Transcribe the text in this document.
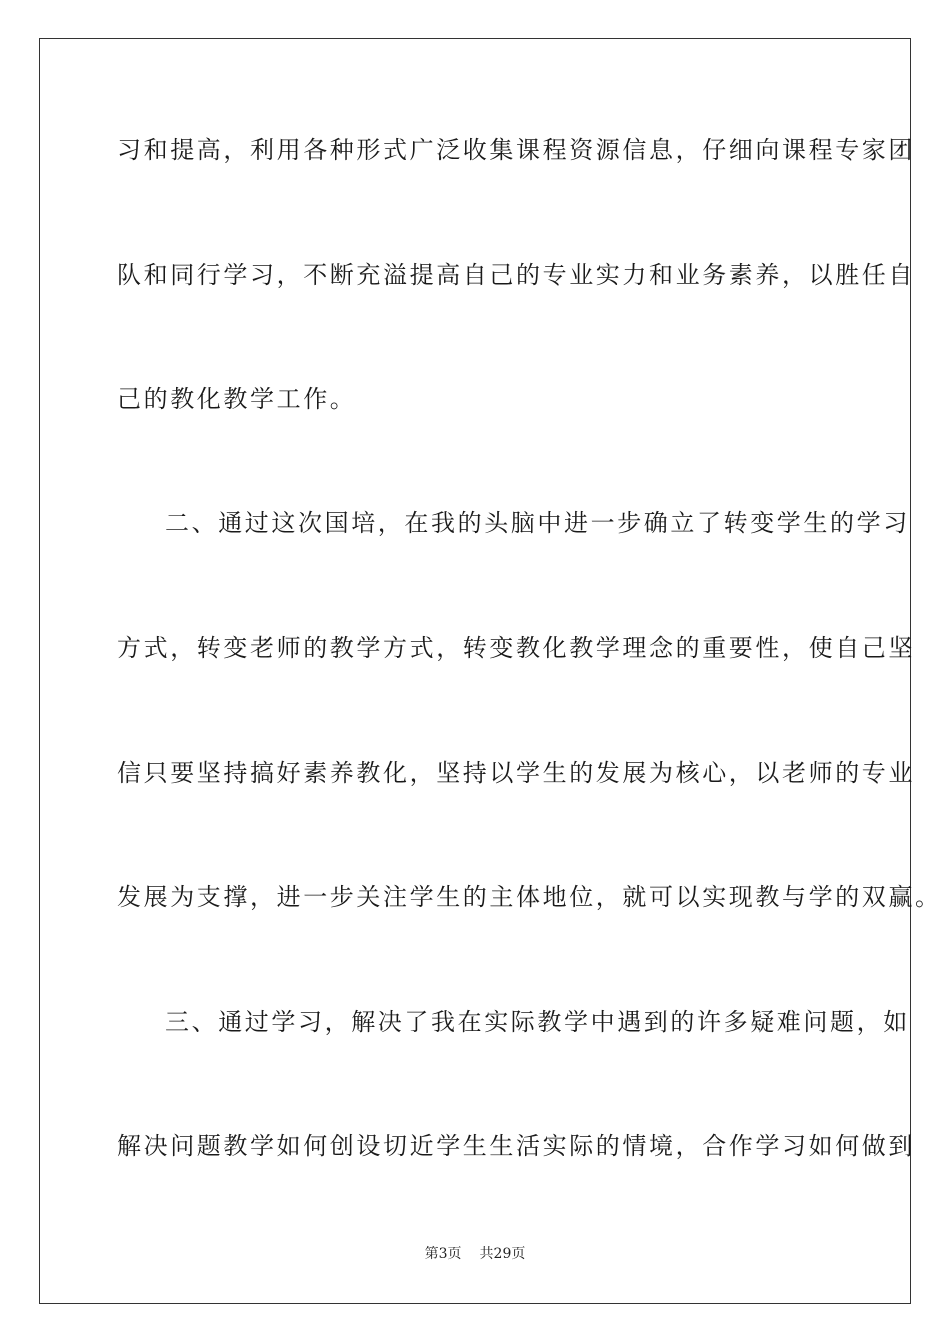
习和提高，利用各种形式广泛收集课程资源信息，仔细向课程专家团
队和同行学习，不断充溢提高自己的专业实力和业务素养，以胜任自
己的教化教学工作。
二、通过这次国培，在我的头脑中进一步确立了转变学生的学习
方式，转变老师的教学方式，转变教化教学理念的重要性，使自己坚
信只要坚持搞好素养教化，坚持以学生的发展为核心，以老师的专业
发展为支撑，进一步关注学生的主体地位，就可以实现教与学的双赢。
三、通过学习，解决了我在实际教学中遇到的许多疑难问题，如
解决问题教学如何创设切近学生生活实际的情境，合作学习如何做到
第3页 共29页
